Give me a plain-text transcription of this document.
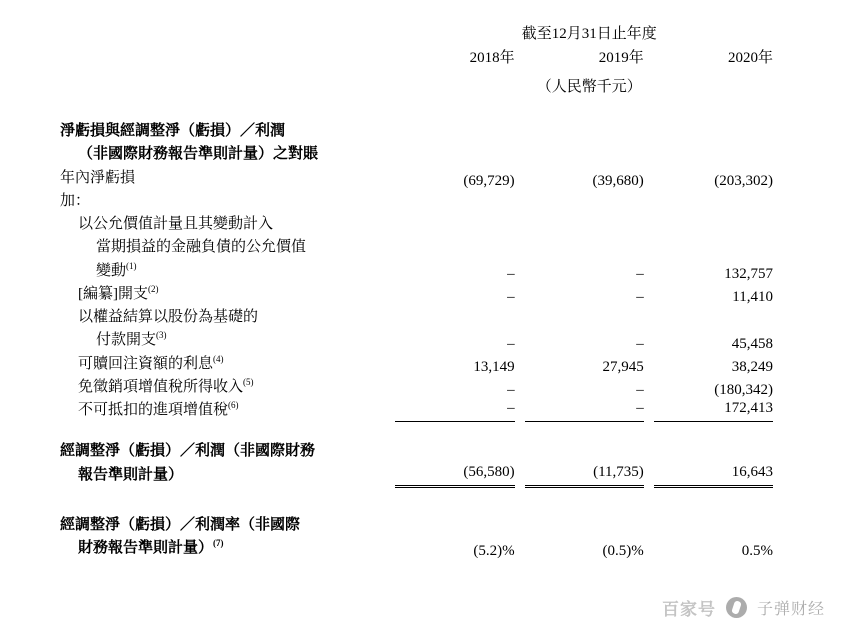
	截至12月31日止年度		
	2018年	2019年	2020年
	（人民幣千元）		
淨虧損與經調整淨（虧損）／利潤			
（非國際財務報告準則計量）之對賬			
年內淨虧損	(69,729)	(39,680)	(203,302)
加：			
以公允價值計量且其變動計入			
當期損益的金融負債的公允價值			
變動$^{(1)}$	–	–	132,757
[編纂]開支$^{(2)}$	–	–	11,410
以權益結算以股份為基礎的			
付款開支$^{(3)}$	–	–	45,458
可贖回注資額的利息$^{(4)}$	13,149	27,945	38,249
免徵銷項增值稅所得收入$^{(5)}$	–	–	(180,342)
不可抵扣的進項增值稅$^{(6)}$	–	–	172,413

經調整淨（虧損）／利潤（非國際財務			
報告準則計量）	(56,580)	(11,735)	16,643

經調整淨（虧損）／利潤率（非國際			
財務報告準則計量）$^{(7)}$	(5.2)%	(0.5)%	0.5%
百家号	子弹财经
